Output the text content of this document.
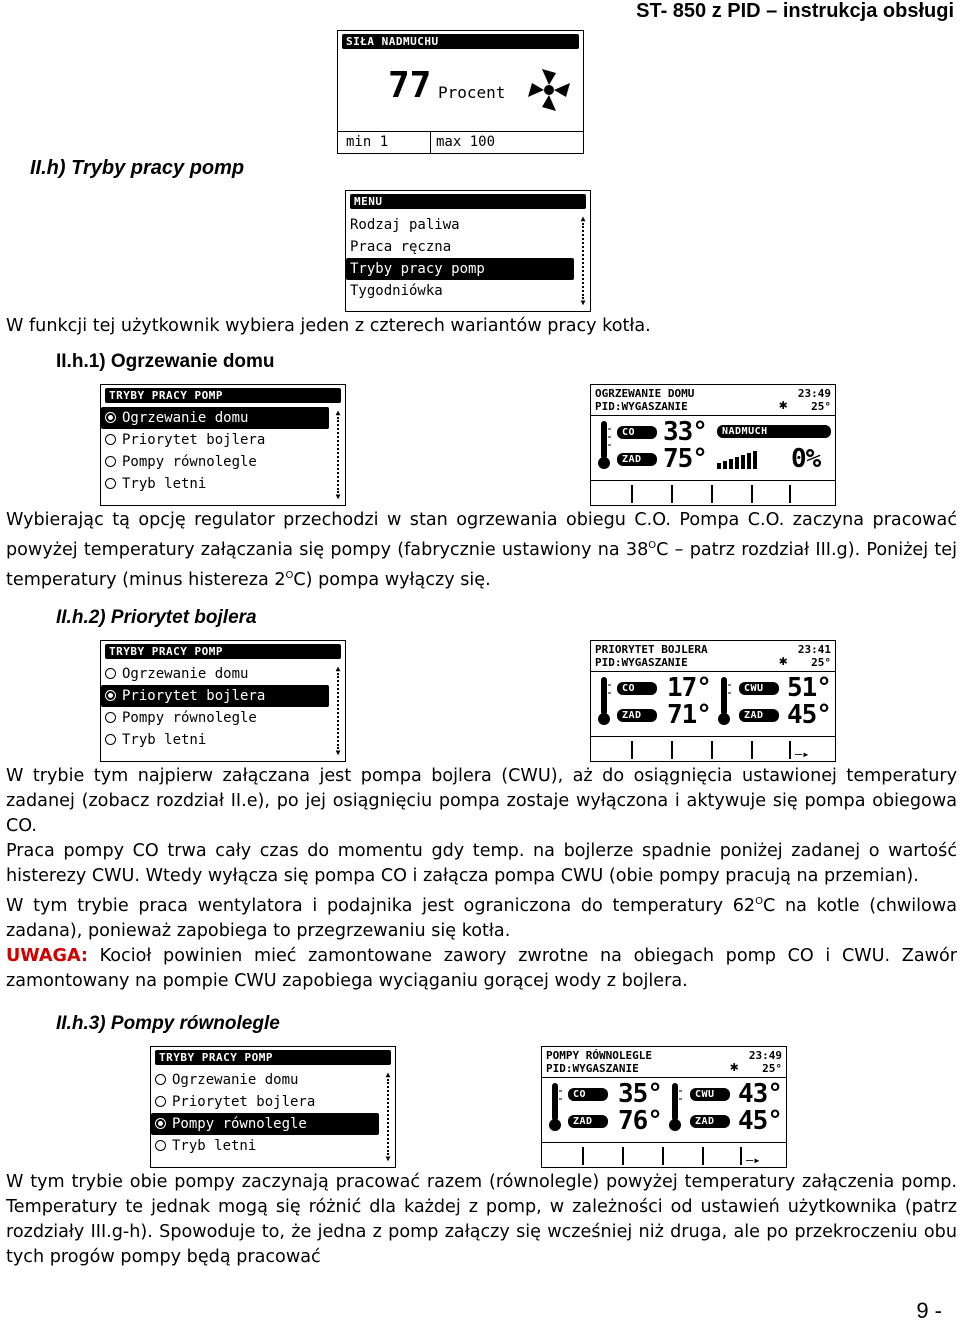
ST- 850 z PID – instrukcja obsługi
SIŁA NADMUCHU
77 Procent
min 1	max 100
II.h) Tryby pracy pomp
MENU
Rodzaj paliwa
Praca ręczna
Tryby pracy pomp
Tygodniówka
▲
▼
W funkcji tej użytkownik wybiera jeden z czterech wariantów pracy kotła.
II.h.1) Ogrzewanie domu
TRYBY PRACY POMP
Ogrzewanie domu
Priorytet bojlera
Pompy równolegle
Tryb letni
▲
▼
OGRZEWANIE DOMU	23:49
PID:WYGASZANIE	✱ 25°
CO	33°
ZAD 75°
NADMUCH
0%
Wybierając tą opcję regulator przechodzi w stan ogrzewania obiegu C.O. Pompa C.O. zaczyna pracować powyżej temperatury załączania się pompy (fabrycznie ustawiony na $38^OC$ – patrz rozdział III.g). Poniżej tej temperatury (minus histereza $2^OC$) pompa wyłączy się.
II.h.2) Priorytet bojlera
TRYBY PRACY POMP
Ogrzewanie domu
Priorytet bojlera
Pompy równolegle
Tryb letni
▲
▼
PRIORYTET BOJLERA	23:41
PID:WYGASZANIE	✱ 25°
CO	17°
ZAD 71°
CWU 51°
ZAD 45°
—▸

W trybie tym najpierw załączana jest pompa bojlera (CWU), aż do osiągnięcia ustawionej temperatury zadanej (zobacz rozdział II.e), po jej osiągnięciu pompa zostaje wyłączona i aktywuje się pompa obiegowa CO.

Praca pompy CO trwa cały czas do momentu gdy temp. na bojlerze spadnie poniżej zadanej o wartość histerezy CWU. Wtedy wyłącza się pompa CO i załącza pompa CWU (obie pompy pracują na przemian).

W tym trybie praca wentylatora i podajnika jest ograniczona do temperatury $62^OC$ na kotle (chwilowa zadana), ponieważ zapobiega to przegrzewaniu się kotła.

UWAGA: Kocioł powinien mieć zamontowane zawory zwrotne na obiegach pomp CO i CWU. Zawór zamontowany na pompie CWU zapobiega wyciąganiu gorącej wody z bojlera.

II.h.3) Pompy równolegle
TRYBY PRACY POMP
Ogrzewanie domu
Priorytet bojlera
Pompy równolegle
Tryb letni
▲
▼
POMPY RÓWNOLEGLE	23:49
PID:WYGASZANIE	✱ 25°
CO	35°
ZAD 76°
CWU 43°
ZAD 45°
—▸

W tym trybie obie pompy zaczynają pracować razem (równolegle) powyżej temperatury załączenia pomp. Temperatury te jednak mogą się różnić dla każdej z pomp, w zależności od ustawień użytkownika (patrz rozdziały III.g-h). Spowoduje to, że jedna z pomp załączy się wcześniej niż druga, ale po przekroczeniu obu tych progów pompy będą pracować

9 -
